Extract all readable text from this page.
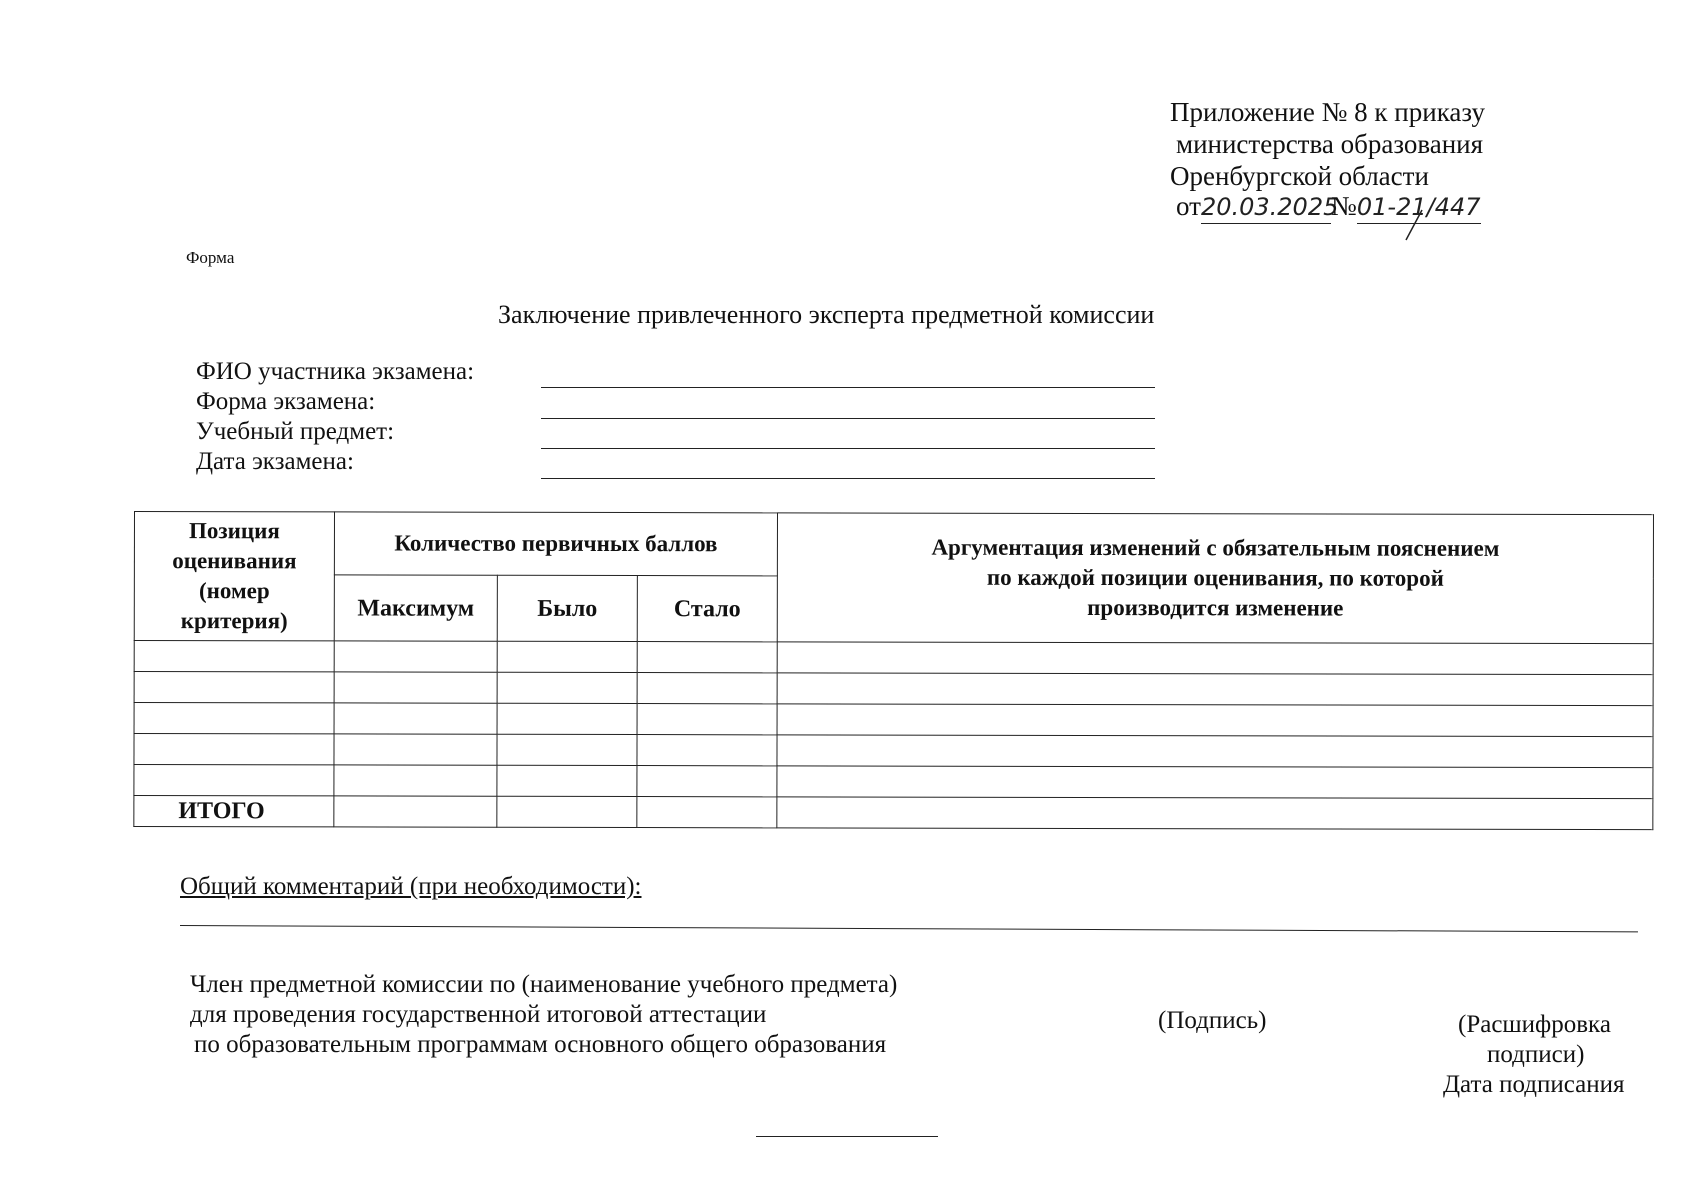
Приложение № 8 к приказу
министерства образования
Оренбургской области
от20.03.2025№01-21/447
Форма
Заключение привлеченного эксперта предметной комиссии
ФИО участника экзамена:
Форма экзамена:
Учебный предмет:
Дата экзамена:
Позиция оценивания (номер критерия)	Количество первичных баллов			Аргументация изменений с обязательным пояснением по каждой позиции оценивания, по которой производится изменение
	Максимум	Было	Стало	

ИТОГО				
Общий комментарий (при необходимости):
Член предметной комиссии по (наименование учебного предмета)
для проведения государственной итоговой аттестации
по образовательным программам основного общего образования
(Подпись)	(Расшифровка
подписи)
Дата подписания
